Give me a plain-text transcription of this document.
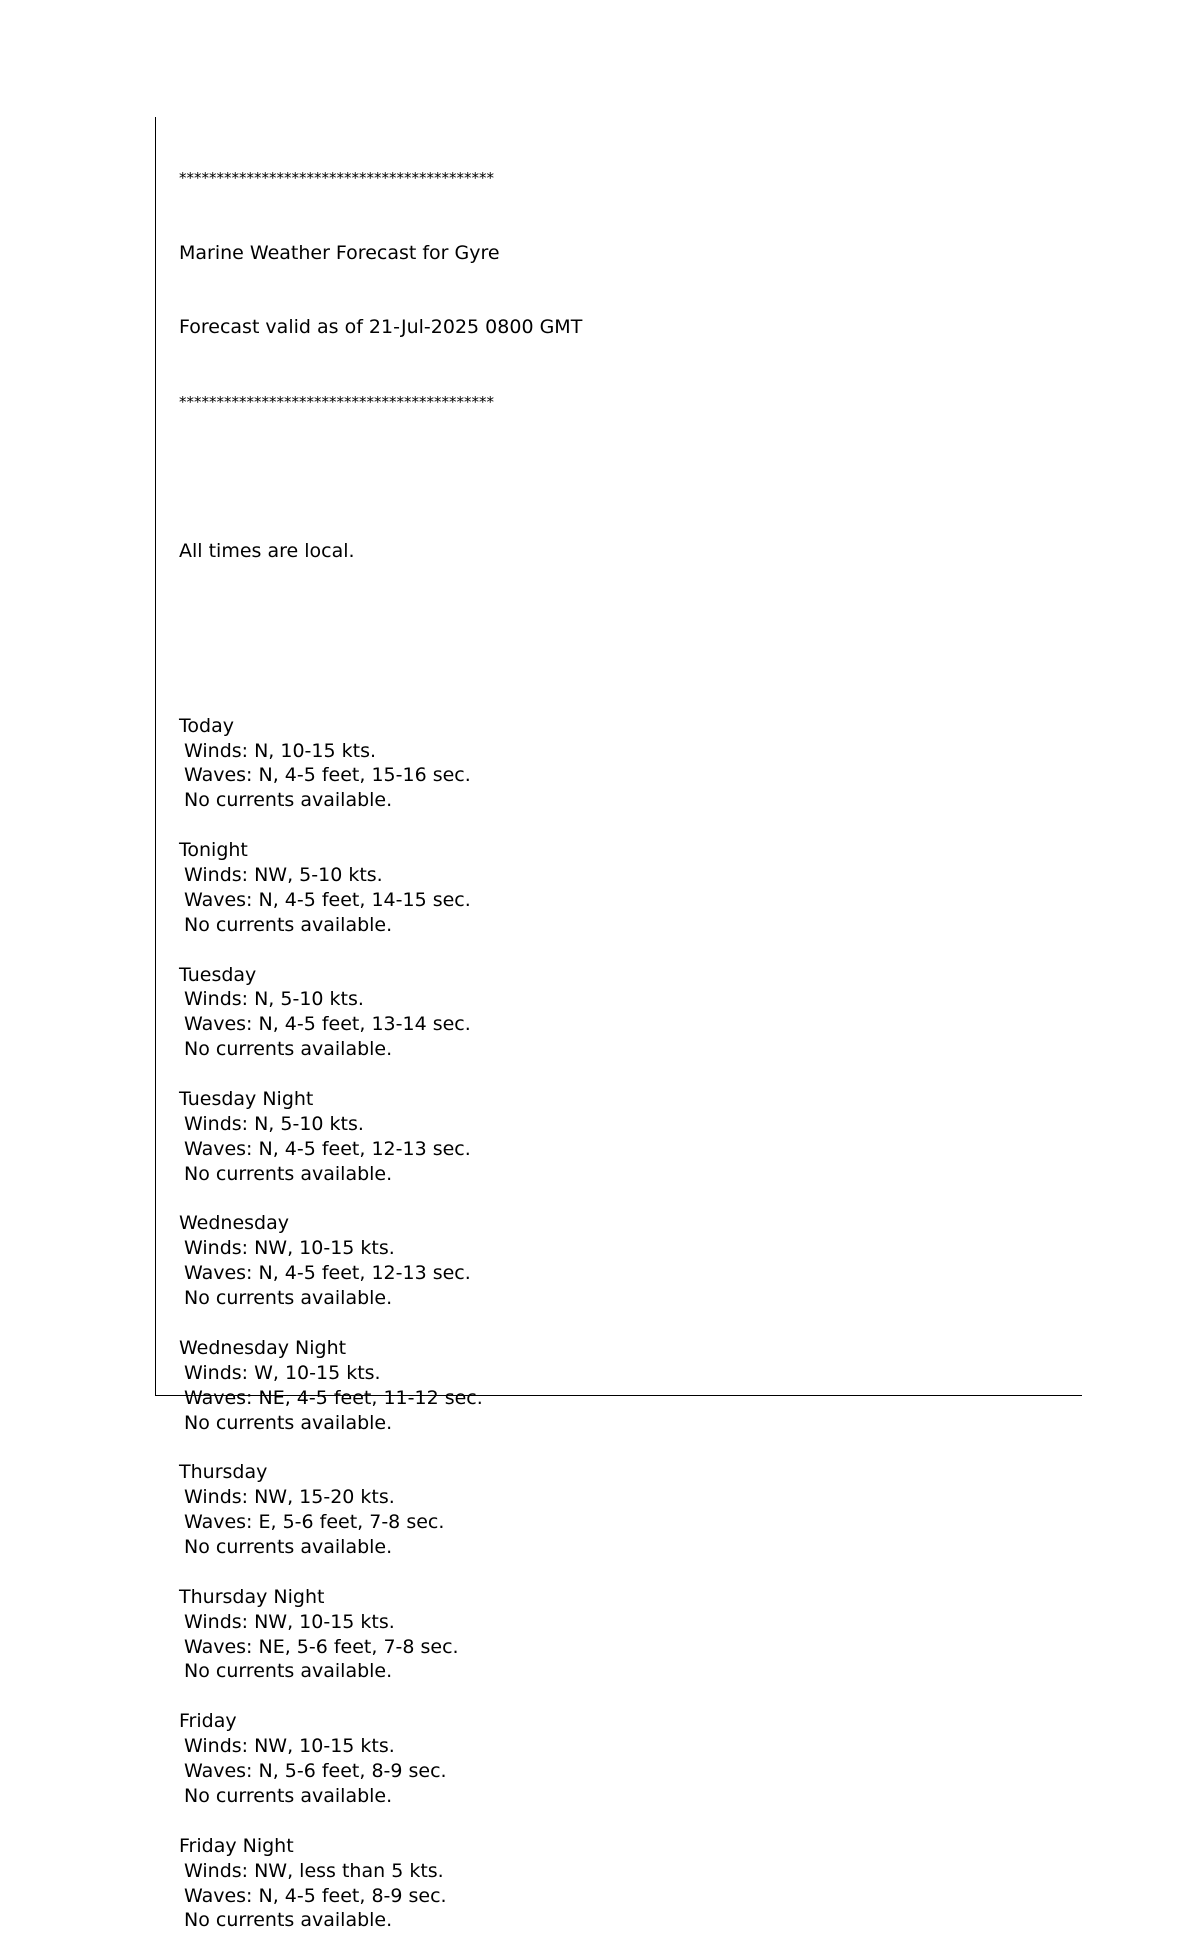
******************************************

Marine Weather Forecast for Gyre

Forecast valid as of 21-Jul-2025 0800 GMT

******************************************

All times are local.

Today
Winds: N, 10-15 kts.
Waves: N, 4-5 feet, 15-16 sec.
No currents available.
Tonight
Winds: NW, 5-10 kts.
Waves: N, 4-5 feet, 14-15 sec.
No currents available.
Tuesday
Winds: N, 5-10 kts.
Waves: N, 4-5 feet, 13-14 sec.
No currents available.
Tuesday Night
Winds: N, 5-10 kts.
Waves: N, 4-5 feet, 12-13 sec.
No currents available.
Wednesday
Winds: NW, 10-15 kts.
Waves: N, 4-5 feet, 12-13 sec.
No currents available.
Wednesday Night
Winds: W, 10-15 kts.
Waves: NE, 4-5 feet, 11-12 sec.
No currents available.
Thursday
Winds: NW, 15-20 kts.
Waves: E, 5-6 feet, 7-8 sec.
No currents available.
Thursday Night
Winds: NW, 10-15 kts.
Waves: NE, 5-6 feet, 7-8 sec.
No currents available.
Friday
Winds: NW, 10-15 kts.
Waves: N, 5-6 feet, 8-9 sec.
No currents available.
Friday Night
Winds: NW, less than 5 kts.
Waves: N, 4-5 feet, 8-9 sec.
No currents available.
